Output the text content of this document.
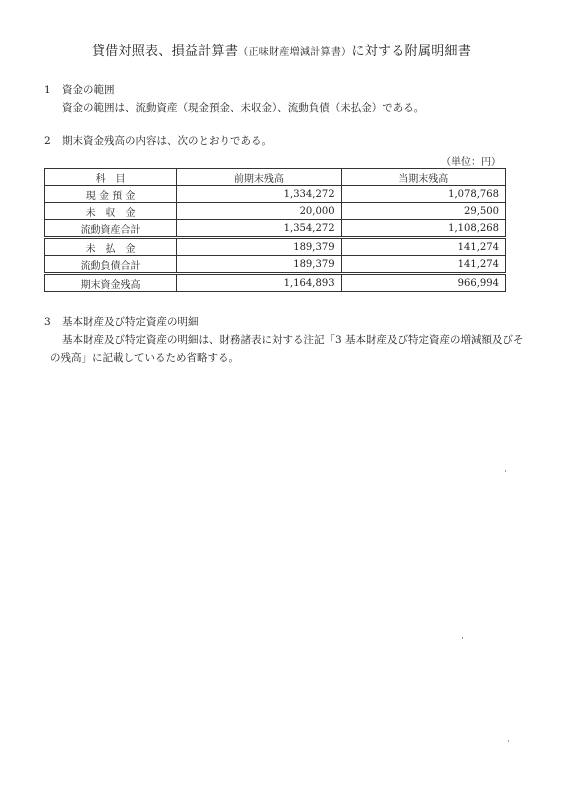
貸借対照表、損益計算書（正味財産増減計算書）に対する附属明細書
1 資金の範囲
資金の範囲は、流動資産（現金預金、未収金）、流動負債（未払金）である。
2 期末資金残高の内容は、次のとおりである。
（単位：円）
科　目	前期末残高	当期末残高
現 金 預 金	1,334,272	1,078,768
未　収　金	20,000	29,500
流動資産合計	1,354,272	1,108,268
未　払　金	189,379	141,274
流動負債合計	189,379	141,274
期末資金残高	1,164,893	966,994
3 基本財産及び特定資産の明細
基本財産及び特定資産の明細は、財務諸表に対する注記「3 基本財産及び特定資産の増減額及びそ
の残高」に記載しているため省略する。
